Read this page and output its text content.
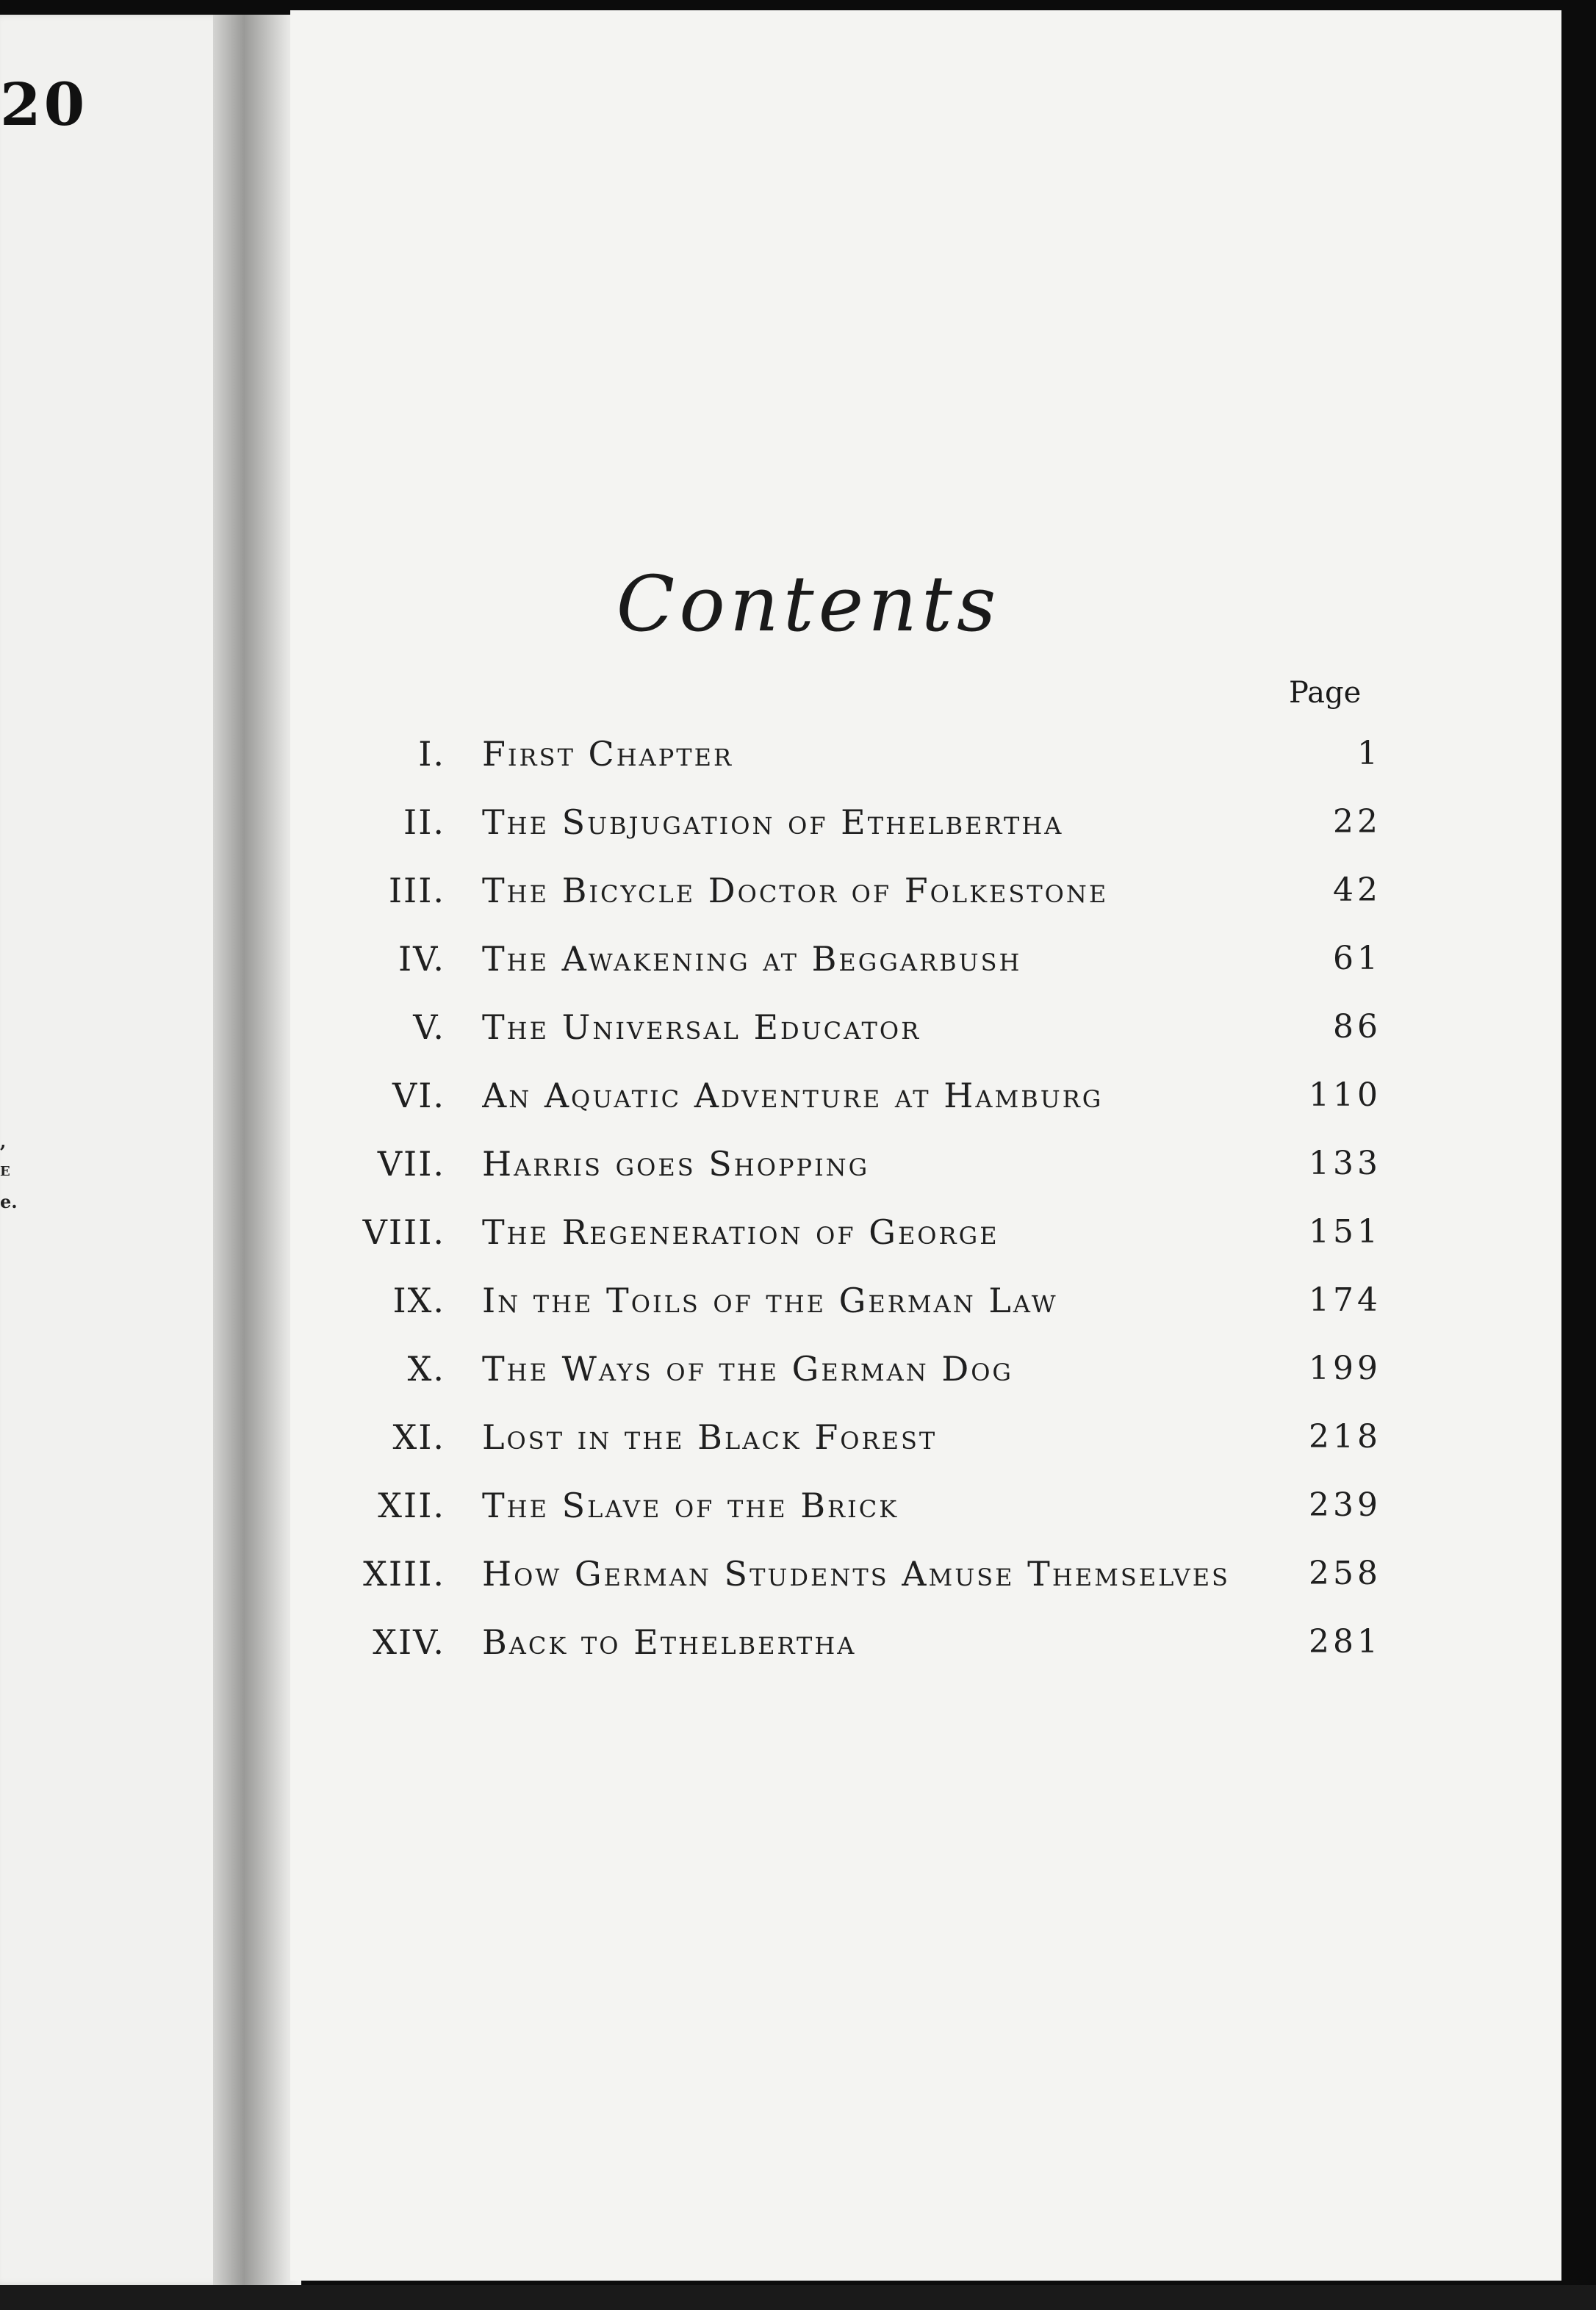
20
,
E
e.
Contents
Page
I. First Chapter	1
II. The Subjugation of Ethelbertha	22
III. The Bicycle Doctor of Folkestone	42
IV. The Awakening at Beggarbush	61
V. The Universal Educator	86
VI. An Aquatic Adventure at Hamburg	110
VII. Harris goes Shopping	133
VIII. The Regeneration of George	151
IX. In the Toils of the German Law	174
X. The Ways of the German Dog	199
XI. Lost in the Black Forest	218
XII. The Slave of the Brick	239
XIII. How German Students Amuse Themselves	258
XIV. Back to Ethelbertha	281
